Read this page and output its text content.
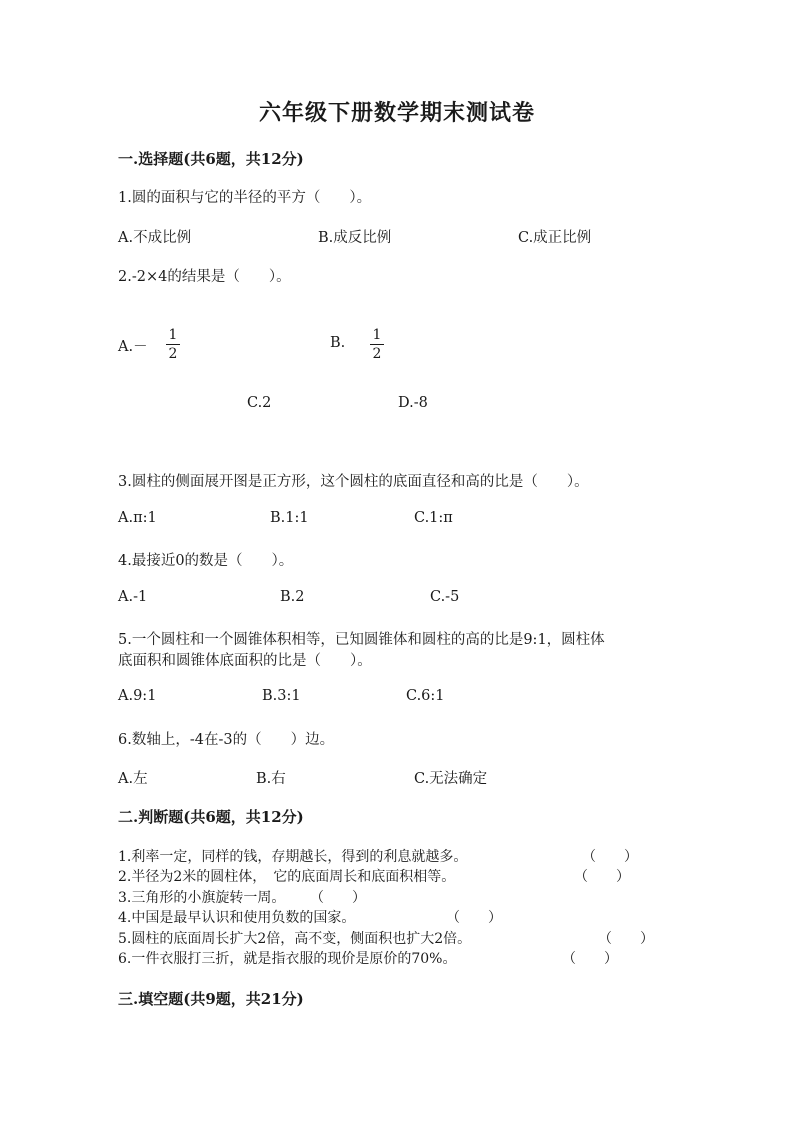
六年级下册数学期末测试卷
一.选择题(共6题，共12分)
1.圆的面积与它的半径的平方（　　）。
A.不成比例	B.成反比例	C.成正比例
2.-2×4的结果是（　　）。
A.－
1
2
B. 1
2
C.2	D.-8
3.圆柱的侧面展开图是正方形，这个圆柱的底面直径和高的比是（　　）。
A.π:1	B.1:1	C.1:π
4.最接近0的数是（　　）。
A.-1	B.2	C.-5
5.一个圆柱和一个圆锥体积相等，已知圆锥体和圆柱的高的比是9:1，圆柱体
底面积和圆锥体底面积的比是（　　）。
A.9:1	B.3:1	C.6:1
6.数轴上，-4在-3的（　　）边。
A.左	B.右	C.无法确定
二.判断题(共6题，共12分)
1.利率一定，同样的钱，存期越长，得到的利息就越多。	（　　）
2.半径为2米的圆柱体，　它的底面周长和底面积相等。	（　　）
3.三角形的小旗旋转一周。 （　　）
4.中国是最早认识和使用负数的国家。	（　　）
5.圆柱的底面周长扩大2倍，高不变，侧面积也扩大2倍。	（　　）
6.一件衣服打三折，就是指衣服的现价是原价的70%。	（　　）
三.填空题(共9题，共21分)
